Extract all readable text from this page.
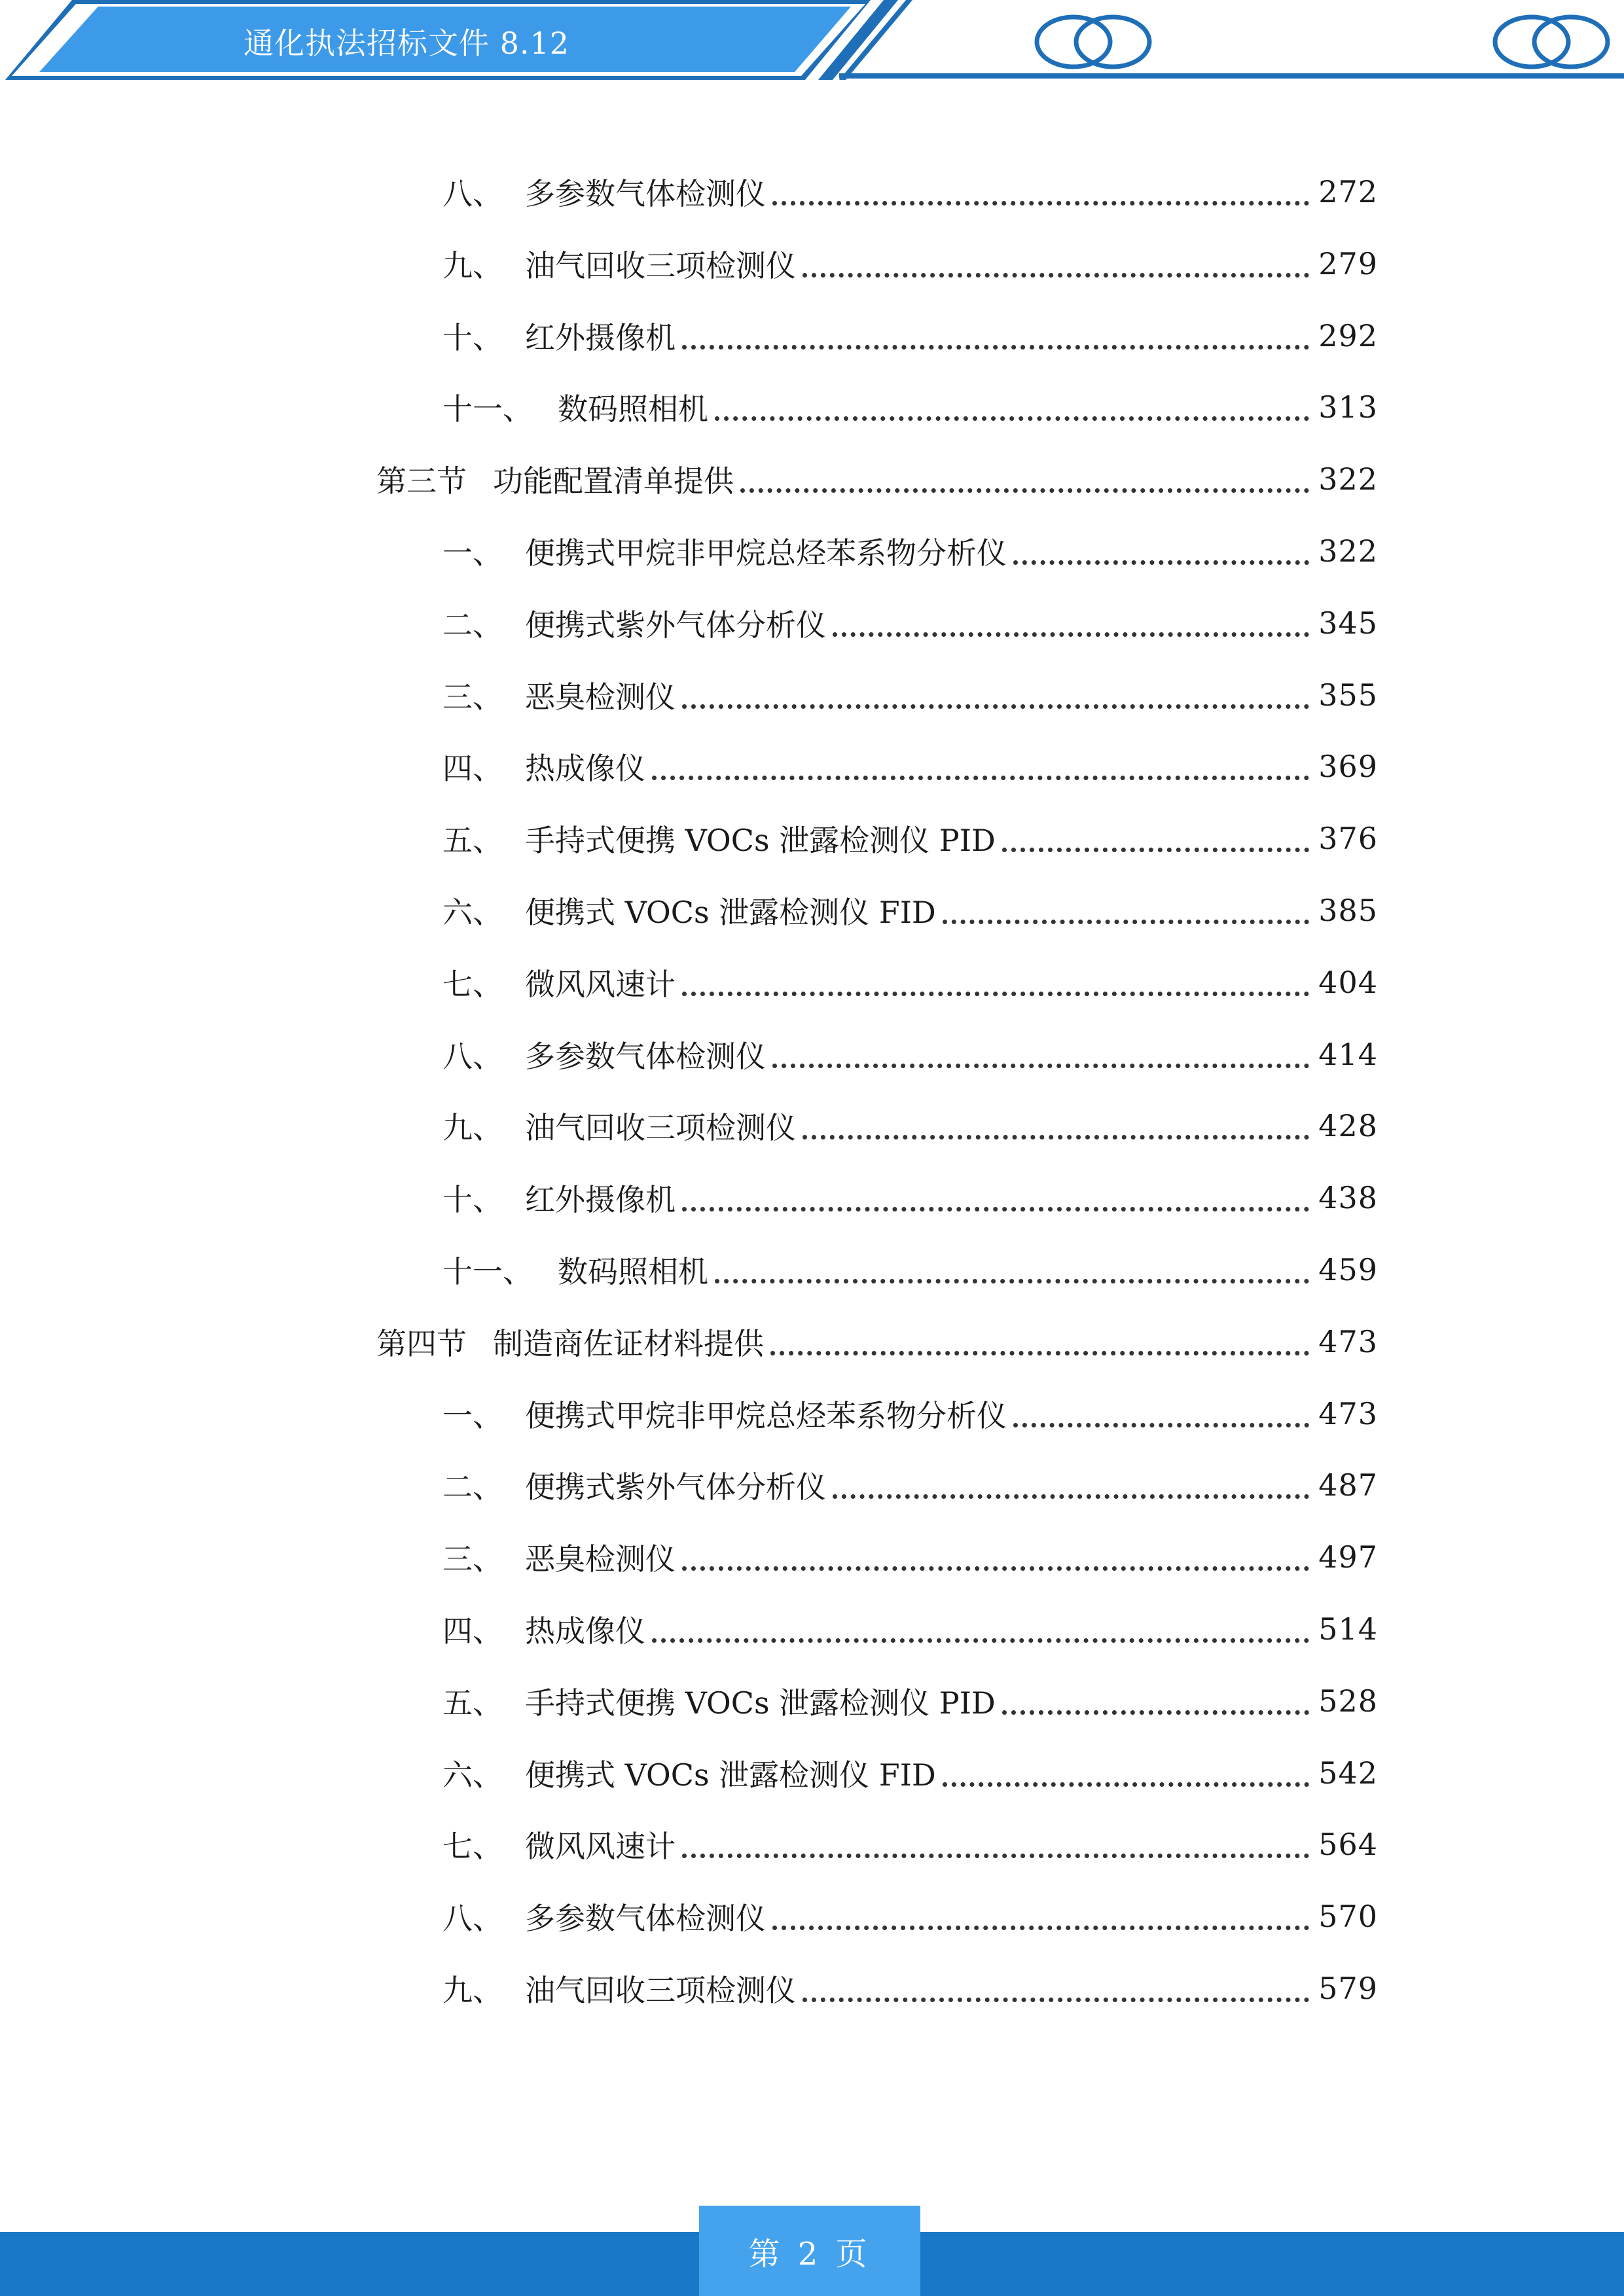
通化执法招标文件 8.12
八、 多参数气体检测仪	272
九、 油气回收三项检测仪	279
十、 红外摄像机	292
十一、 数码照相机	313
第三节 功能配置清单提供	322
一、 便携式甲烷非甲烷总烃苯系物分析仪	322
二、 便携式紫外气体分析仪	345
三、 恶臭检测仪	355
四、 热成像仪	369
五、 手持式便携 VOCs 泄露检测仪 PID	376
六、 便携式 VOCs 泄露检测仪 FID	385
七、 微风风速计	404
八、 多参数气体检测仪	414
九、 油气回收三项检测仪	428
十、 红外摄像机	438
十一、 数码照相机	459
第四节 制造商佐证材料提供	473
一、 便携式甲烷非甲烷总烃苯系物分析仪	473
二、 便携式紫外气体分析仪	487
三、 恶臭检测仪	497
四、 热成像仪	514
五、 手持式便携 VOCs 泄露检测仪 PID	528
六、 便携式 VOCs 泄露检测仪 FID	542
七、 微风风速计	564
八、 多参数气体检测仪	570
九、 油气回收三项检测仪	579
第 2 页
